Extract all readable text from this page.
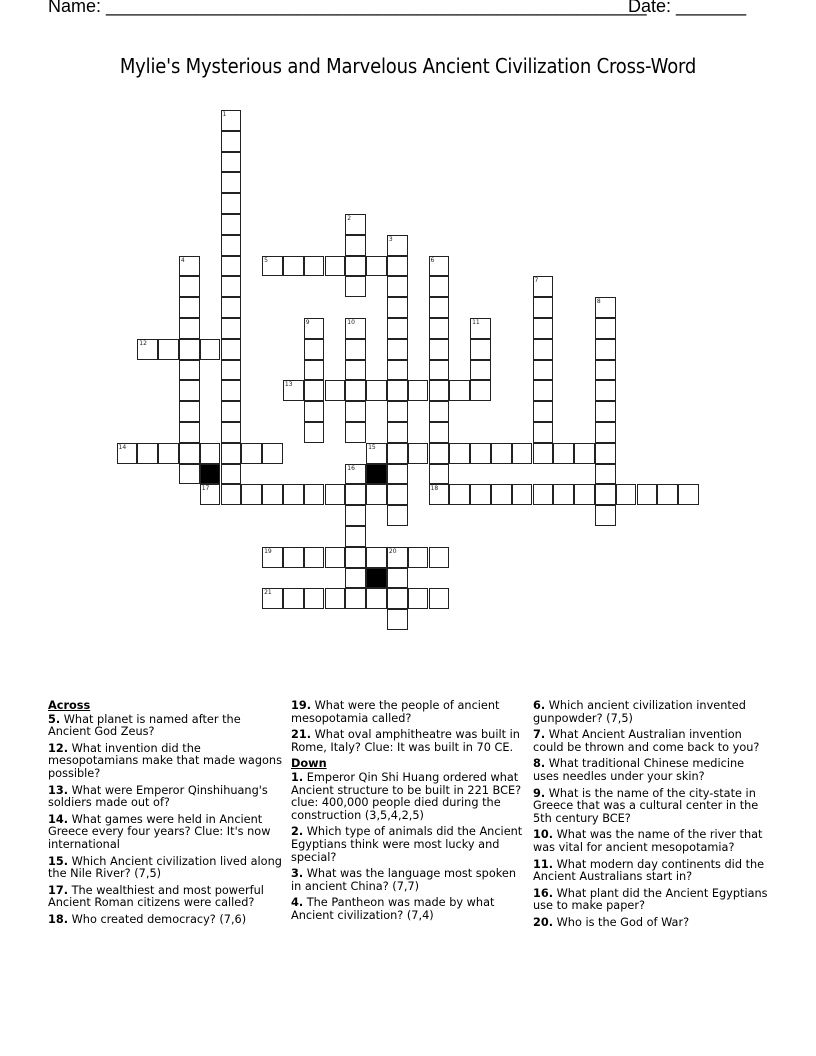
Name: ______________________________________________________
Date: _______
Mylie's Mysterious and Marvelous Ancient Civilization Cross-Word
1
2
3
4	5	6
18
7
8
9	10	11
12
13
14	15
16
17
19	20
21
Across
5. What planet is named after the Ancient God Zeus?
12. What invention did the mesopotamians make that made wagons possible?
13. What were Emperor Qinshihuang's soldiers made out of?
14. What games were held in Ancient Greece every four years? Clue: It's now international
15. Which Ancient civilization lived along the Nile River? (7,5)
17. The wealthiest and most powerful Ancient Roman citizens were called?
18. Who created democracy? (7,6)
19. What were the people of ancient mesopotamia called?
21. What oval amphitheatre was built in Rome, Italy? Clue: It was built in 70 CE.
Down
1. Emperor Qin Shi Huang ordered what Ancient structure to be built in 221 BCE? clue: 400,000 people died during the construction (3,5,4,2,5)
2. Which type of animals did the Ancient Egyptians think were most lucky and special?
3. What was the language most spoken in ancient China? (7,7)
4. The Pantheon was made by what Ancient civilization? (7,4)
6. Which ancient civilization invented gunpowder? (7,5)
7. What Ancient Australian invention could be thrown and come back to you?
8. What traditional Chinese medicine uses needles under your skin?
9. What is the name of the city-state in Greece that was a cultural center in the 5th century BCE?
10. What was the name of the river that was vital for ancient mesopotamia?
11. What modern day continents did the Ancient Australians start in?
16. What plant did the Ancient Egyptians use to make paper?
20. Who is the God of War?
